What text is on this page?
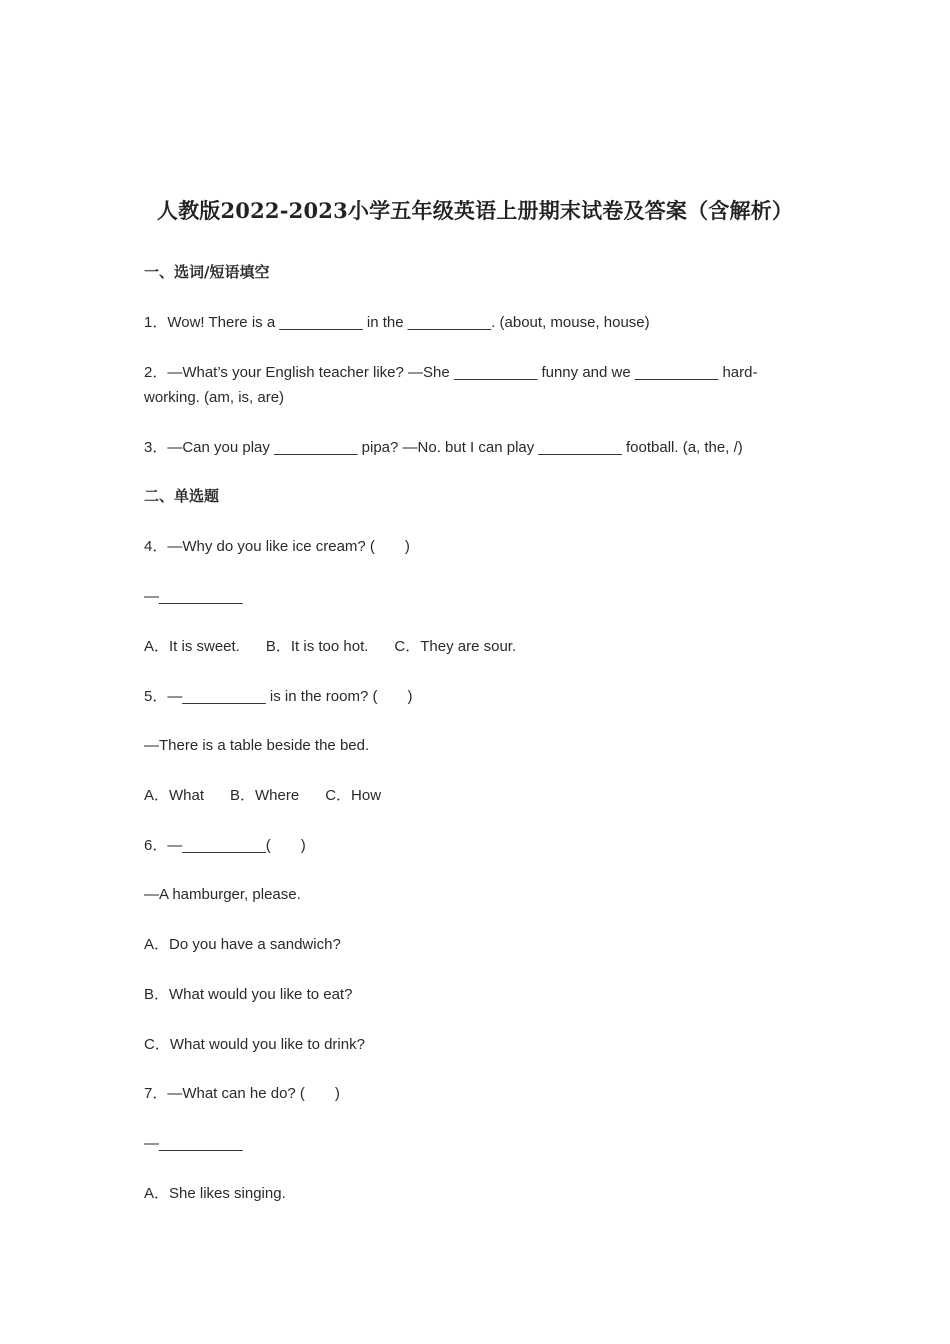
人教版2022-2023小学五年级英语上册期末试卷及答案（含解析）
一、选词/短语填空
1．Wow! There is a __________ in the __________. (about, mouse, house)
2．—What’s your English teacher like? —She __________ funny and we __________ hard-working. (am, is, are)
3．—Can you play __________ pipa? —No. but I can play __________ football. (a, the, /)
二、单选题
4．—Why do you like ice cream? (　　)
—__________
A．It is sweet. B．It is too hot. C．They are sour.
5．—__________ is in the room? (　　)
—There is a table beside the bed.
A．What B．Where C．How
6．—__________(　　)
—A hamburger, please.
A．Do you have a sandwich?
B．What would you like to eat?
C．What would you like to drink?
7．—What can he do? (　　)
—__________
A．She likes singing.
